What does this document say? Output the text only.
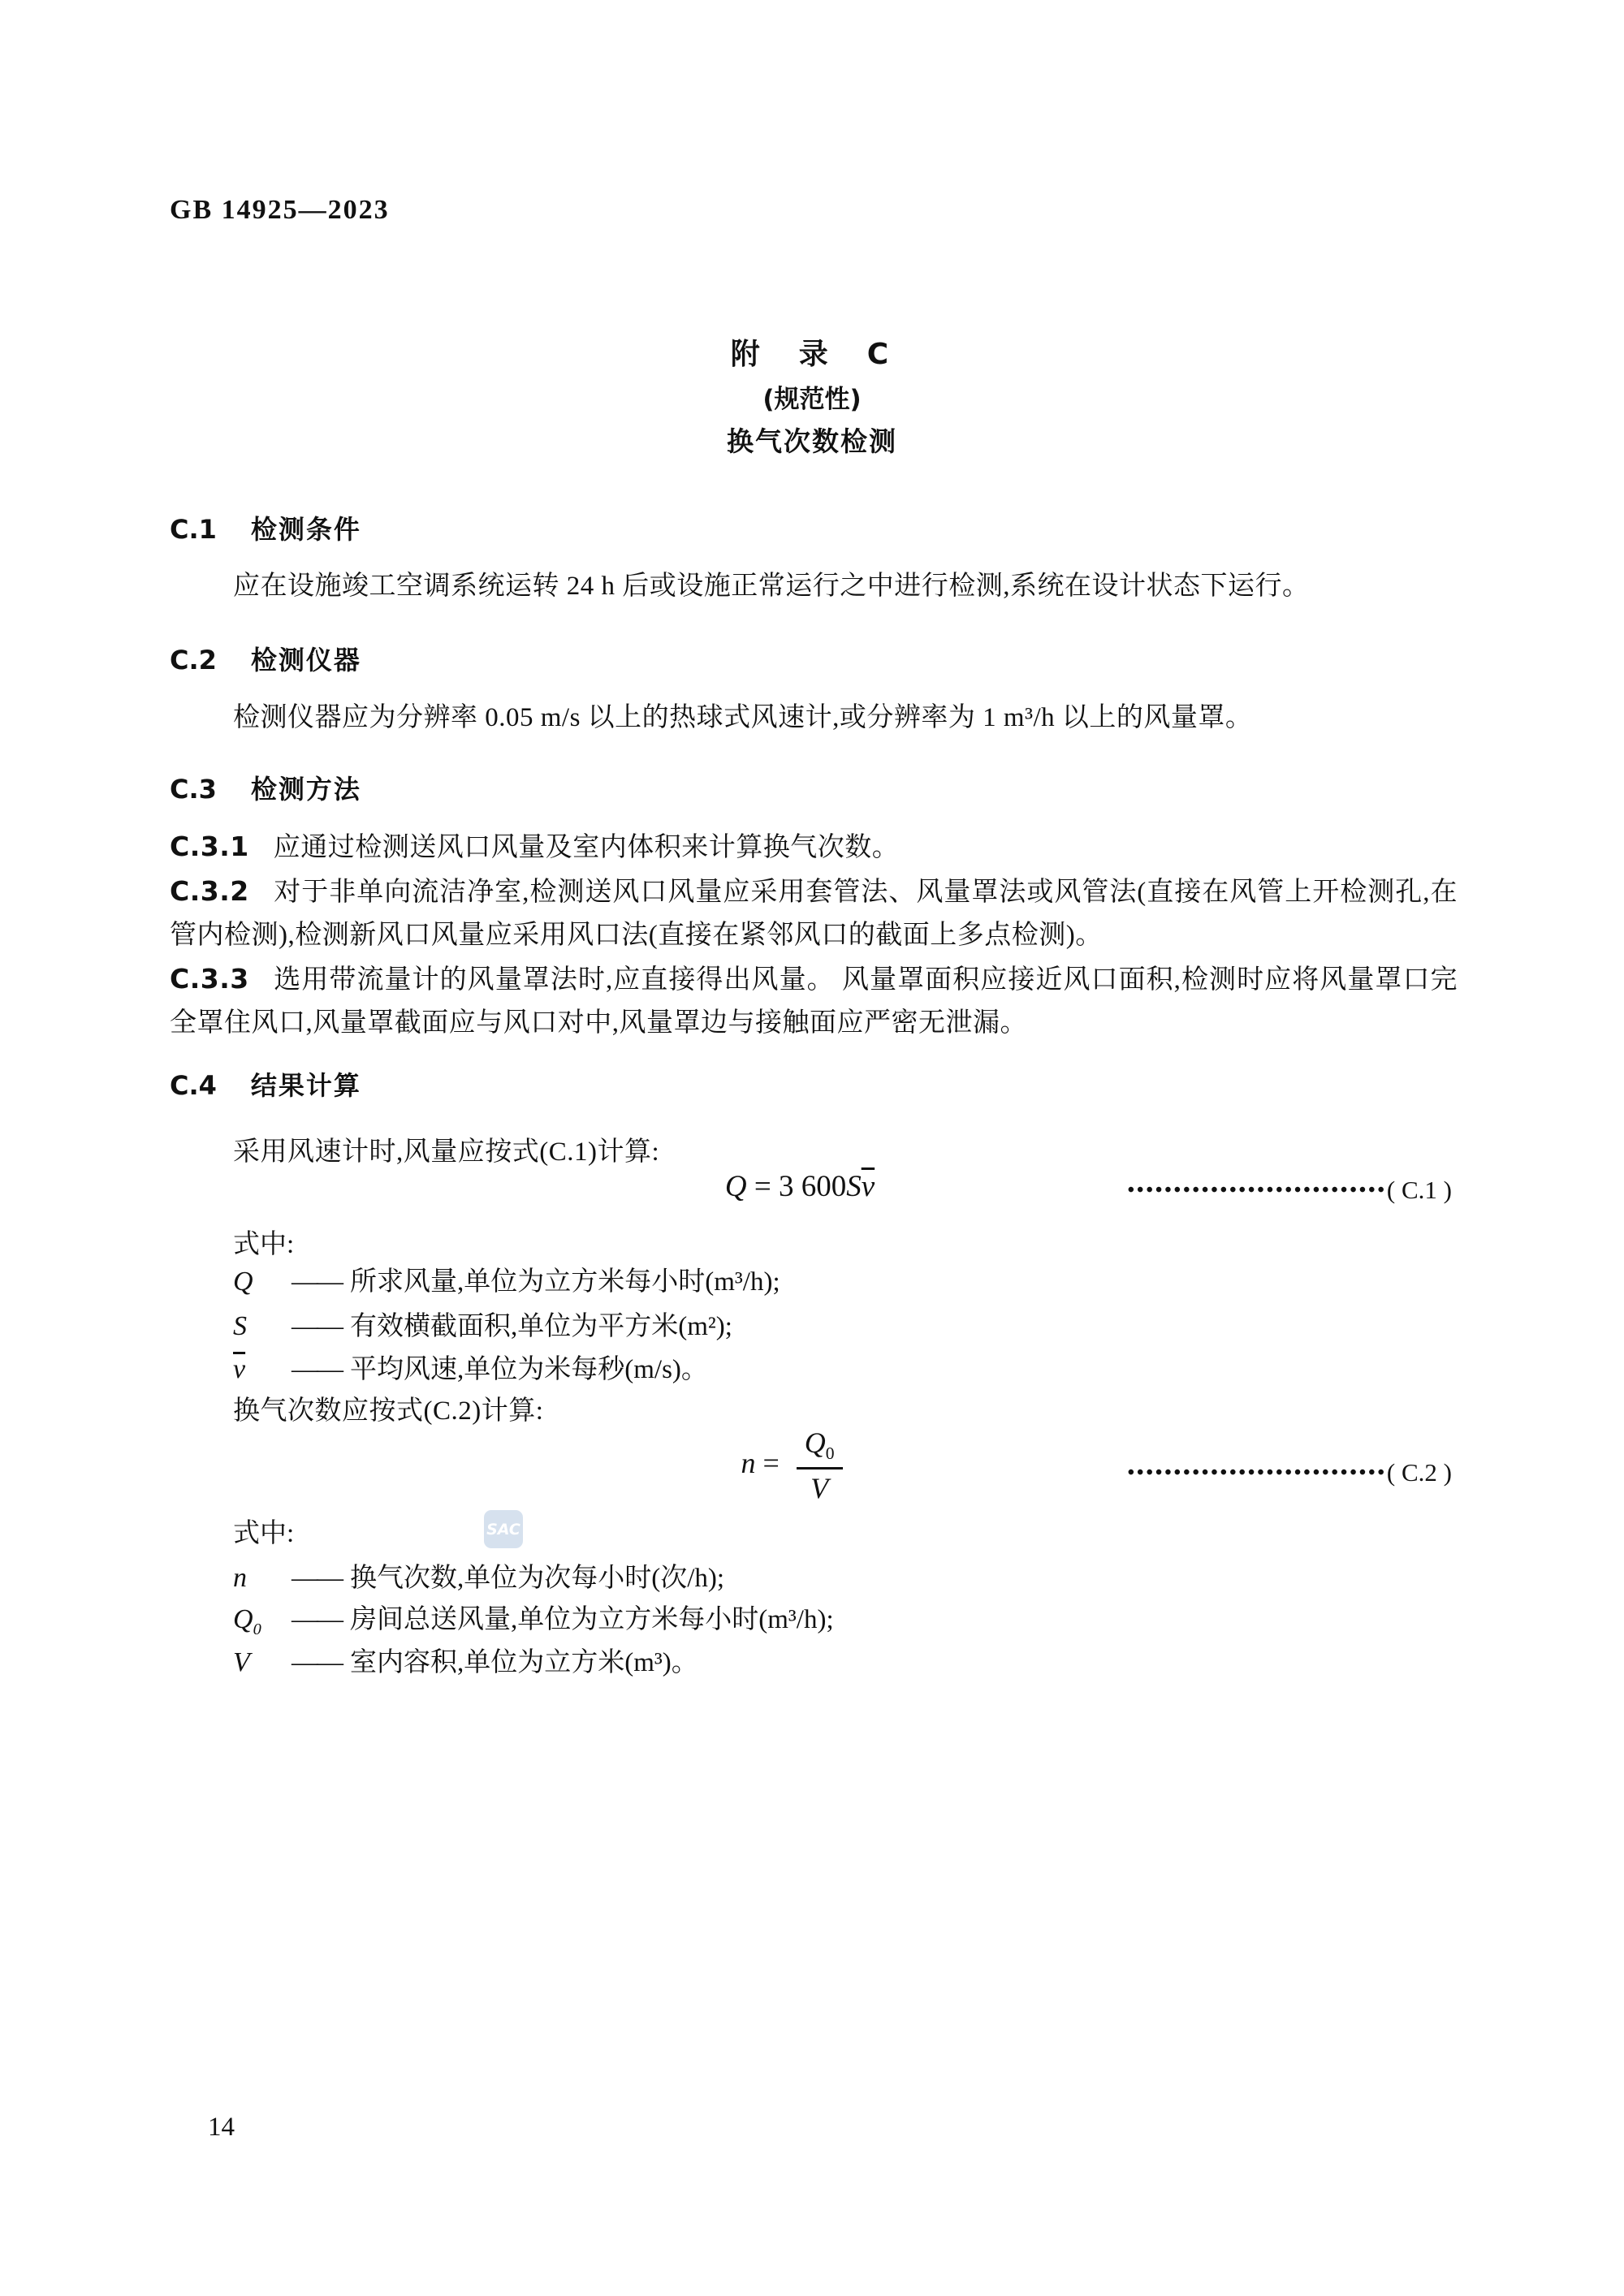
GB 14925—2023
附　录　C
(规范性)
换气次数检测
C.1 检测条件
应在设施竣工空调系统运转 24 h 后或设施正常运行之中进行检测,系统在设计状态下运行。
C.2 检测仪器
检测仪器应为分辨率 0.05 m/s 以上的热球式风速计,或分辨率为 1 m³/h 以上的风量罩。
C.3 检测方法

C.3.1 应通过检测送风口风量及室内体积来计算换气次数。

C.3.2 对于非单向流洁净室,检测送风口风量应采用套管法、风量罩法或风管法(直接在风管上开检测孔,在管内检测),检测新风口风量应采用风口法(直接在紧邻风口的截面上多点检测)。

C.3.3 选用带流量计的风量罩法时,应直接得出风量。 风量罩面积应接近风口面积,检测时应将风量罩口完全罩住风口,风量罩截面应与风口对中,风量罩边与接触面应严密无泄漏。

C.4 结果计算
采用风速计时,风量应按式(C.1)计算:
Q = 3 $600S\overline{v}$	••••••••••••••••••••••••••••( C.1 )
式中:
Q —— 所求风量,单位为立方米每小时(m³/h);
S —— 有效横截面积,单位为平方米(m²);
$\overline{v}$ —— 平均风速,单位为米每秒(m/s)。
换气次数应按式(C.2)计算:
$n = \frac{Q_0}{V}$	••••••••••••••••••••••••••••( C.2 )
SAC
式中:
n —— 换气次数,单位为次每小时(次/h);
$Q_0$ —— 房间总送风量,单位为立方米每小时(m³/h);
V —— 室内容积,单位为立方米(m³)。
14
